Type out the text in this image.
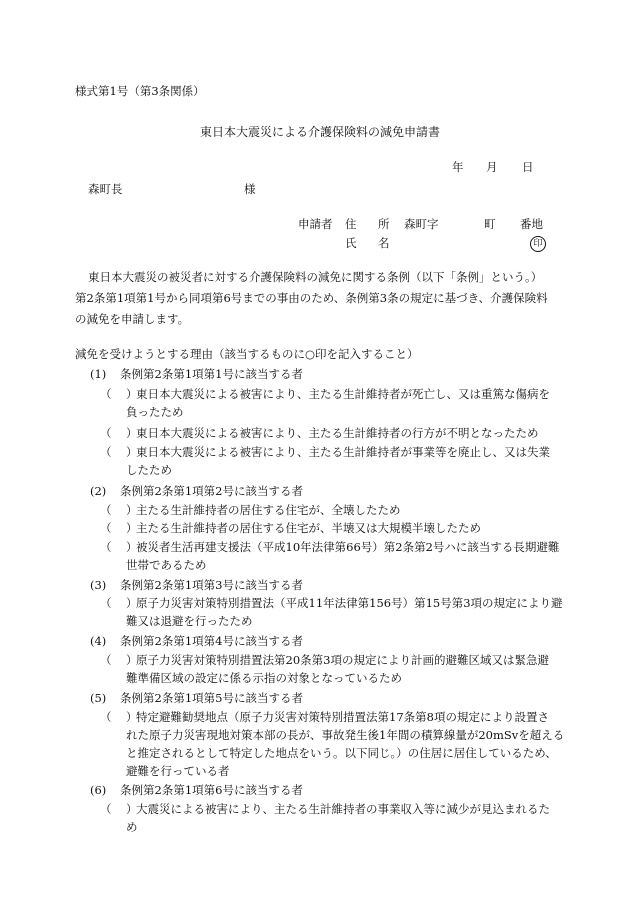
様式第1号（第3条関係）
東日本大震災による介護保険料の減免申請書
年 月 日
森町長	様
申請者 住 所 森町字	町 番地
氏 名	印
東日本大震災の被災者に対する介護保険料の減免に関する条例（以下「条例」という。）
第2条第1項第1号から同項第6号までの事由のため、条例第3条の規定に基づき、介護保険料
の減免を申請します。
減免を受けようとする理由（該当するものに○印を記入すること）
(1) 条例第2条第1項第1号に該当する者
（ ）
東日本大震災による被害により、主たる生計維持者が死亡し、又は重篤な傷病を
負ったため
（ ）
東日本大震災による被害により、主たる生計維持者の行方が不明となったため
（ ）
東日本大震災による被害により、主たる生計維持者が事業等を廃止し、又は失業
したため
(2) 条例第2条第1項第2号に該当する者
（ ）
主たる生計維持者の居住する住宅が、全壊したため
（ ）
主たる生計維持者の居住する住宅が、半壊又は大規模半壊したため
（ ）
被災者生活再建支援法（平成10年法律第66号）第2条第2号ハに該当する長期避難
世帯であるため
(3) 条例第2条第1項第3号に該当する者
（ ）
原子力災害対策特別措置法（平成11年法律第156号）第15号第3項の規定により避
難又は退避を行ったため
(4) 条例第2条第1項第4号に該当する者
（ ）
原子力災害対策特別措置法第20条第3項の規定により計画的避難区域又は緊急避
難準備区域の設定に係る示指の対象となっているため
(5) 条例第2条第1項第5号に該当する者
（ ）
特定避難勧奨地点（原子力災害対策特別措置法第17条第8項の規定により設置さ
れた原子力災害現地対策本部の長が、事故発生後1年間の積算線量が20mSvを超える
と推定されるとして特定した地点をいう。以下同じ。）の住居に居住しているため、
避難を行っている者
(6) 条例第2条第1項第6号に該当する者
（ ）
大震災による被害により、主たる生計維持者の事業収入等に減少が見込まれるた
め
